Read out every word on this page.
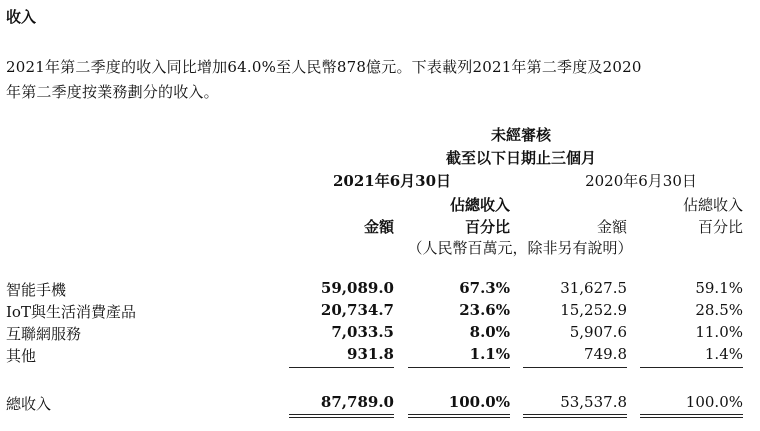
收入
2021年第二季度的收入同比增加64.0%至人民幣878億元。下表載列2021年第二季度及2020
年第二季度按業務劃分的收入。
未經審核
截至以下日期止三個月
2021年6月30日	2020年6月30日
佔總收入	佔總收入
金額	百分比	金額	百分比
（人民幣百萬元，除非另有說明）
智能手機	59,089.0	67.3%	31,627.5	59.1%
IoT與生活消費產品	20,734.7	23.6%	15,252.9	28.5%
互聯網服務	7,033.5	8.0%	5,907.6	11.0%
其他	931.8	1.1%	749.8	1.4%
總收入	87,789.0	100.0%	53,537.8	100.0%
